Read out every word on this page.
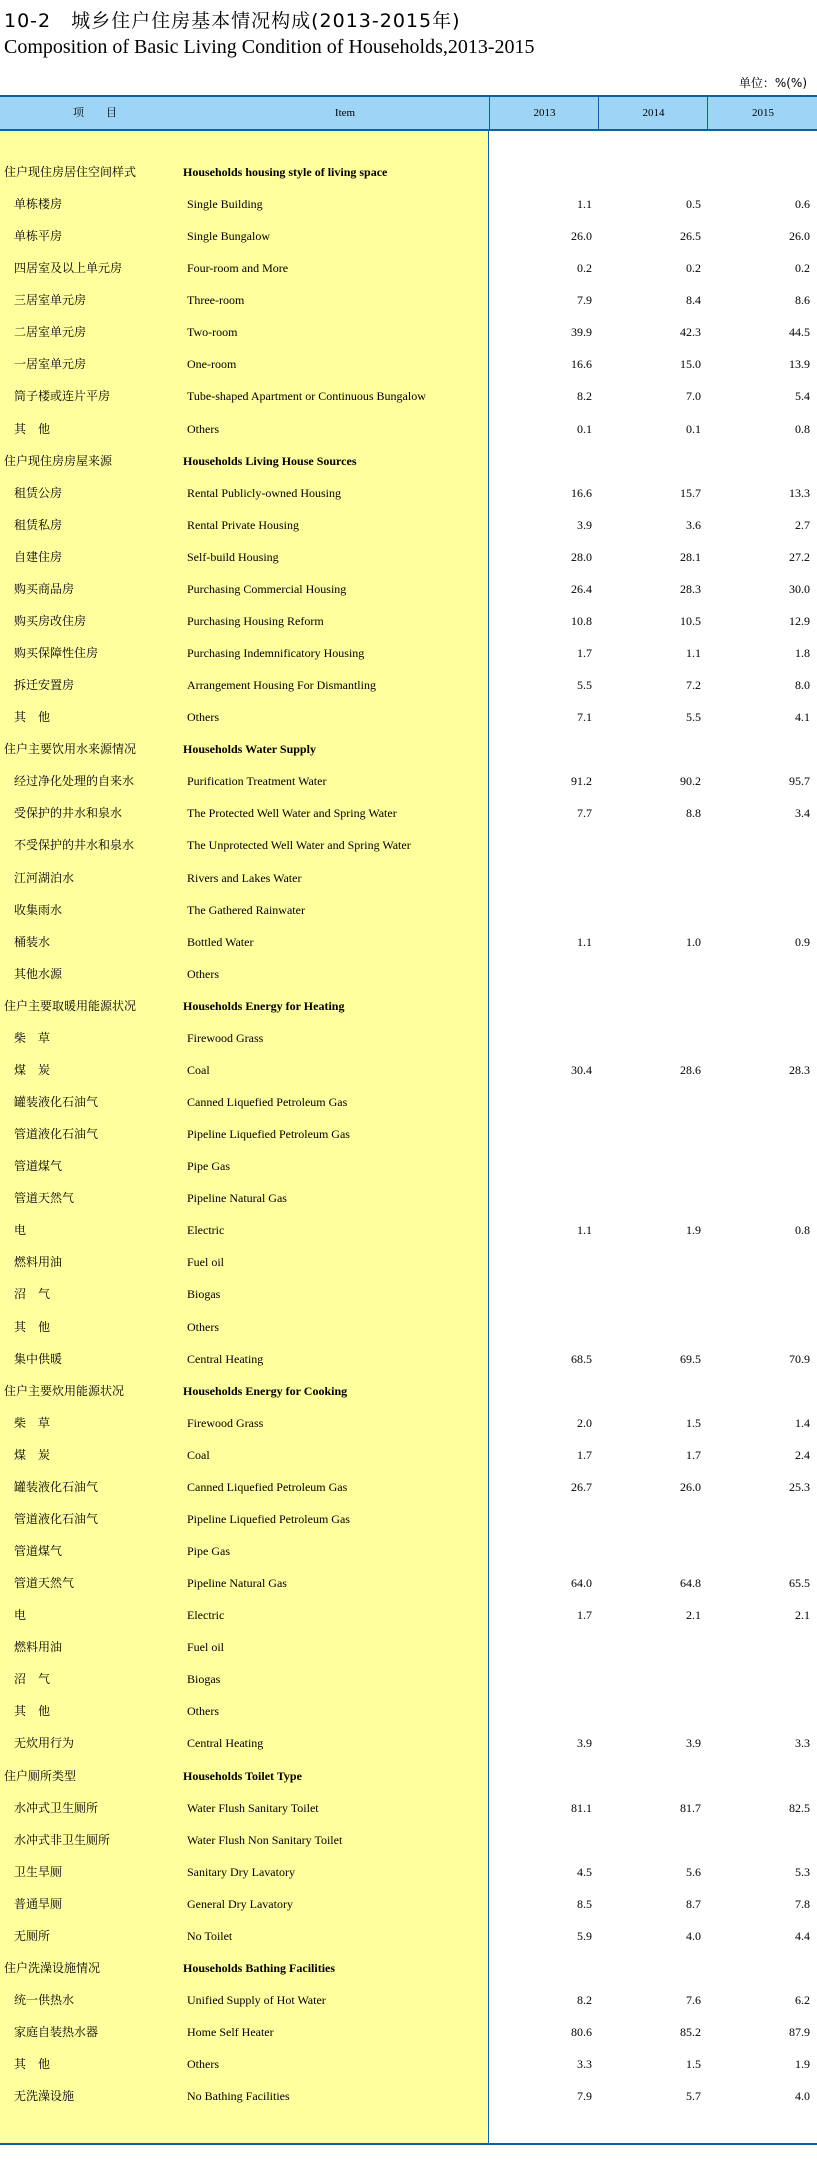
10-2　城乡住户住房基本情况构成(2013-2015年)
Composition of Basic Living Condition of Households,2013-2015
单位：%(%)
项　　目	Item	2013	2014	2015
住户现住房居住空间样式	Households housing style of living space
单栋楼房	Single Building	1.1	0.5	0.6
单栋平房	Single Bungalow	26.0	26.5	26.0
四居室及以上单元房	Four-room and More	0.2	0.2	0.2
三居室单元房	Three-room	7.9	8.4	8.6
二居室单元房	Two-room	39.9	42.3	44.5
一居室单元房	One-room	16.6	15.0	13.9
筒子楼或连片平房	Tube-shaped Apartment or Continuous Bungalow	8.2	7.0	5.4
其　他	Others	0.1	0.1	0.8
住户现住房房屋来源	Households Living House Sources
租赁公房	Rental Publicly-owned Housing	16.6	15.7	13.3
租赁私房	Rental Private Housing	3.9	3.6	2.7
自建住房	Self-build Housing	28.0	28.1	27.2
购买商品房	Purchasing Commercial Housing	26.4	28.3	30.0
购买房改住房	Purchasing Housing Reform	10.8	10.5	12.9
购买保障性住房	Purchasing Indemnificatory Housing	1.7	1.1	1.8
拆迁安置房	Arrangement Housing For Dismantling	5.5	7.2	8.0
其　他	Others	7.1	5.5	4.1
住户主要饮用水来源情况	Households Water Supply
经过净化处理的自来水	Purification Treatment Water	91.2	90.2	95.7
受保护的井水和泉水	The Protected Well Water and Spring Water	7.7	8.8	3.4
不受保护的井水和泉水	The Unprotected Well Water and Spring Water
江河湖泊水	Rivers and Lakes Water
收集雨水	The Gathered Rainwater
桶装水	Bottled Water	1.1	1.0	0.9
其他水源	Others
住户主要取暖用能源状况	Households Energy for Heating
柴　草	Firewood Grass
煤　炭	Coal	30.4	28.6	28.3
罐装液化石油气	Canned Liquefied Petroleum Gas
管道液化石油气	Pipeline Liquefied Petroleum Gas
管道煤气	Pipe Gas
管道天然气	Pipeline Natural Gas
电	Electric	1.1	1.9	0.8
燃料用油	Fuel oil
沼　气	Biogas
其　他	Others
集中供暖	Central Heating	68.5	69.5	70.9
住户主要炊用能源状况	Households Energy for Cooking
柴　草	Firewood Grass	2.0	1.5	1.4
煤　炭	Coal	1.7	1.7	2.4
罐装液化石油气	Canned Liquefied Petroleum Gas	26.7	26.0	25.3
管道液化石油气	Pipeline Liquefied Petroleum Gas
管道煤气	Pipe Gas
管道天然气	Pipeline Natural Gas	64.0	64.8	65.5
电	Electric	1.7	2.1	2.1
燃料用油	Fuel oil
沼　气	Biogas
其　他	Others
无炊用行为	Central Heating	3.9	3.9	3.3
住户厕所类型	Households Toilet Type
水冲式卫生厕所	Water Flush Sanitary Toilet	81.1	81.7	82.5
水冲式非卫生厕所	Water Flush Non Sanitary Toilet
卫生旱厕	Sanitary Dry Lavatory	4.5	5.6	5.3
普通旱厕	General Dry Lavatory	8.5	8.7	7.8
无厕所	No Toilet	5.9	4.0	4.4
住户洗澡设施情况	Households Bathing Facilities
统一供热水	Unified Supply of Hot Water	8.2	7.6	6.2
家庭自装热水器	Home Self Heater	80.6	85.2	87.9
其　他	Others	3.3	1.5	1.9
无洗澡设施	No Bathing Facilities	7.9	5.7	4.0
